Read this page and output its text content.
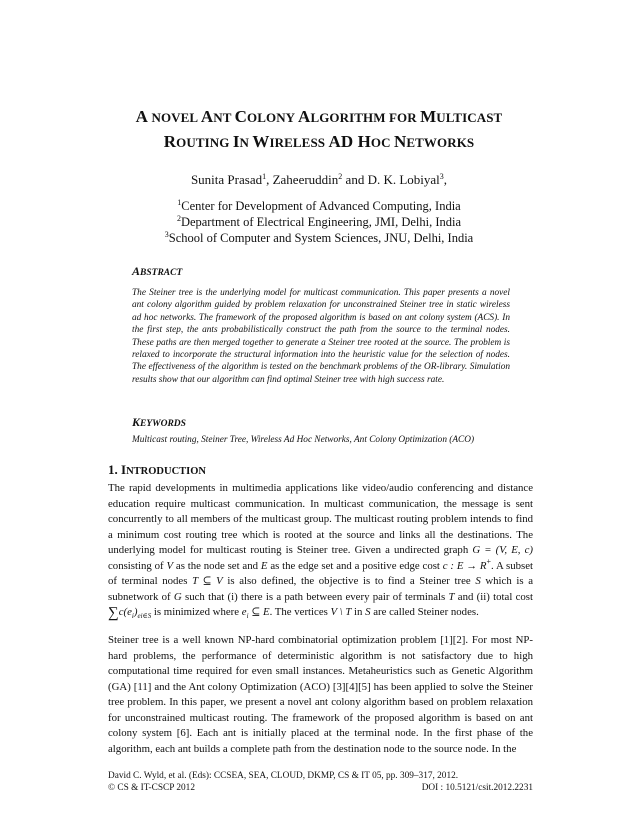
A NOVEL ANT COLONY ALGORITHM FOR MULTICAST
ROUTING IN WIRELESS AD HOC NETWORKS
Sunita Prasad$^1$, Zaheeruddin$^2$ and D. K. Lobiyal$^3$,
$^1$Center for Development of Advanced Computing, India
$^2$Department of Electrical Engineering, JMI, Delhi, India
$^3$School of Computer and System Sciences, JNU, Delhi, India
ABSTRACT
The Steiner tree is the underlying model for multicast communication. This paper presents a novel ant colony algorithm guided by problem relaxation for unconstrained Steiner tree in static wireless ad hoc networks. The framework of the proposed algorithm is based on ant colony system (ACS). In the first step, the ants probabilistically construct the path from the source to the terminal nodes. These paths are then merged together to generate a Steiner tree rooted at the source. The problem is relaxed to incorporate the structural information into the heuristic value for the selection of nodes. The effectiveness of the algorithm is tested on the benchmark problems of the OR-library. Simulation results show that our algorithm can find optimal Steiner tree with high success rate.
KEYWORDS
Multicast routing, Steiner Tree, Wireless Ad Hoc Networks, Ant Colony Optimization (ACO)
1. INTRODUCTION
The rapid developments in multimedia applications like video/audio conferencing and distance education require multicast communication. In multicast communication, the message is sent concurrently to all members of the multicast group. The multicast routing problem intends to find a minimum cost routing tree which is rooted at the source and links all the destinations. The underlying model for multicast routing is Steiner tree. Given a undirected graph G = (V, E, c) consisting of V as the node set and E as the edge set and a positive edge cost c : E → R+. A subset of terminal nodes T ⊆ V is also defined, the objective is to find a Steiner tree S which is a subnetwork of G such that (i) there is a path between every pair of terminals T and (ii) total cost $\sum c(e_i)_{ei\in S}$ is minimized where $e_i$ ⊆ E. The vertices V \ T in S are called Steiner nodes.
Steiner tree is a well known NP-hard combinatorial optimization problem [1][2]. For most NP-hard problems, the performance of deterministic algorithm is not satisfactory due to high computational time required for even small instances. Metaheuristics such as Genetic Algorithm (GA) [11] and the Ant colony Optimization (ACO) [3][4][5] has been applied to solve the Steiner tree problem. In this paper, we present a novel ant colony algorithm based on problem relaxation for unconstrained multicast routing. The framework of the proposed algorithm is based on ant colony system [6]. Each ant is initially placed at the terminal node. In the first phase of the algorithm, each ant builds a complete path from the destination node to the source node. In the
David C. Wyld, et al. (Eds): CCSEA, SEA, CLOUD, DKMP, CS & IT 05, pp. 309–317, 2012.
© CS & IT-CSCP 2012	DOI : 10.5121/csit.2012.2231
